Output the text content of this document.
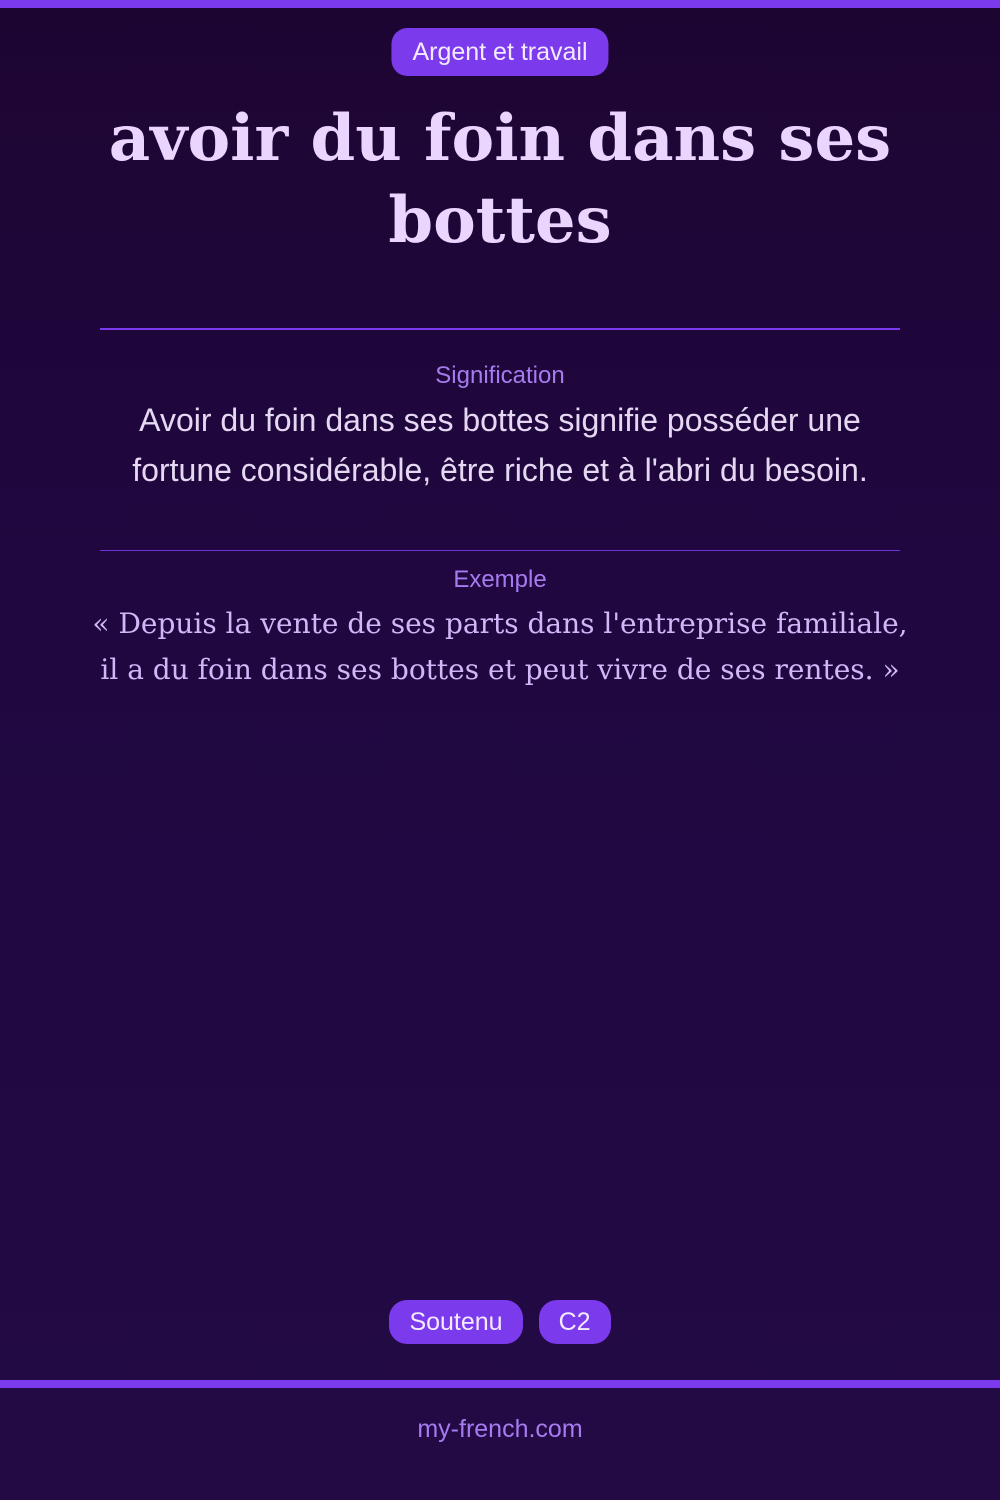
Argent et travail
avoir du foin dans ses bottes
Signification

Avoir du foin dans ses bottes signifie posséder une fortune considérable, être riche et à l'abri du besoin.

Exemple

« Depuis la vente de ses parts dans l'entreprise familiale, il a du foin dans ses bottes et peut vivre de ses rentes. »

Soutenu	C2
my-french.com
